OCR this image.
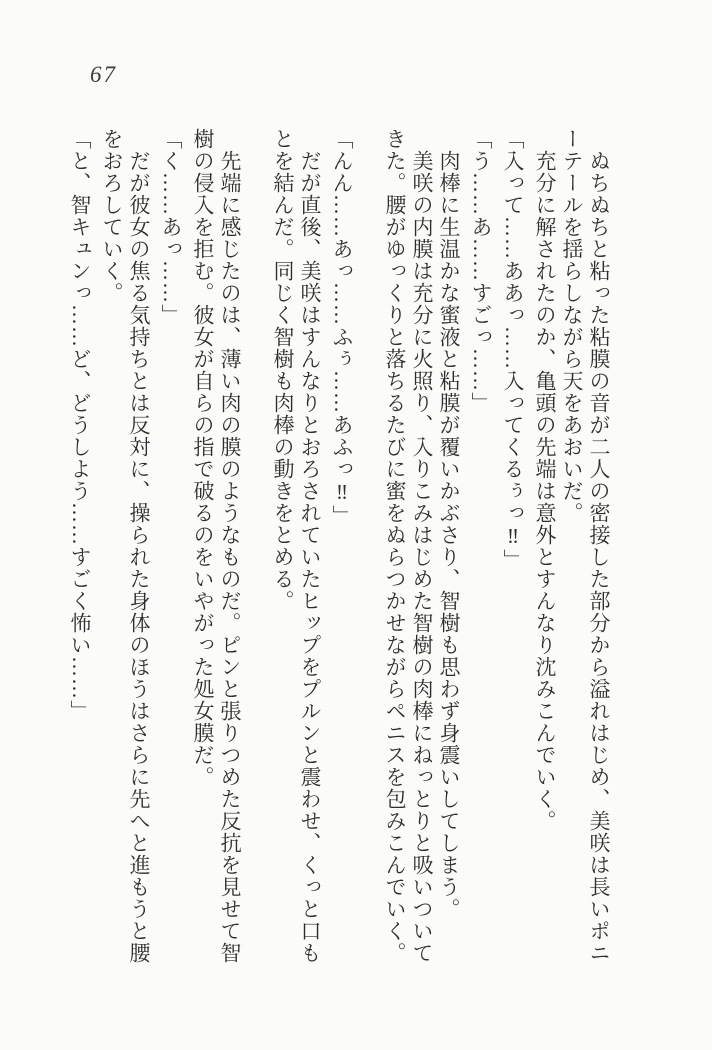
67

ぬちぬちと粘った粘膜の音が二人の密接した部分から溢れはじめ、美咲は長いポニーテールを揺らしながら天をあおいだ。

充分に解されたのか、亀頭の先端は意外とすんなり沈みこんでいく。

「入って……ああっ……入ってくるぅっ‼」

「う……あ……すごっ……」

肉棒に生温かな蜜液と粘膜が覆いかぶさり、智樹も思わず身震いしてしまう。

美咲の内膜は充分に火照り、入りこみはじめた智樹の肉棒にねっとりと吸いついてきた。腰がゆっくりと落ちるたびに蜜をぬらつかせながらペニスを包みこんでいく。

「んん……あっ……ふぅ……あふっ‼」

だが直後、美咲はすんなりとおろされていたヒップをプルンと震わせ、くっと口もとを結んだ。同じく智樹も肉棒の動きをとめる。

先端に感じたのは、薄い肉の膜のようなものだ。ピンと張りつめた反抗を見せて智樹の侵入を拒む。彼女が自らの指で破るのをいやがった処女膜だ。

「く……あっ……」

だが彼女の焦る気持ちとは反対に、操られた身体のほうはさらに先へと進もうと腰をおろしていく。

「と、智キュンっ……ど、どうしよう……すごく怖い……」
